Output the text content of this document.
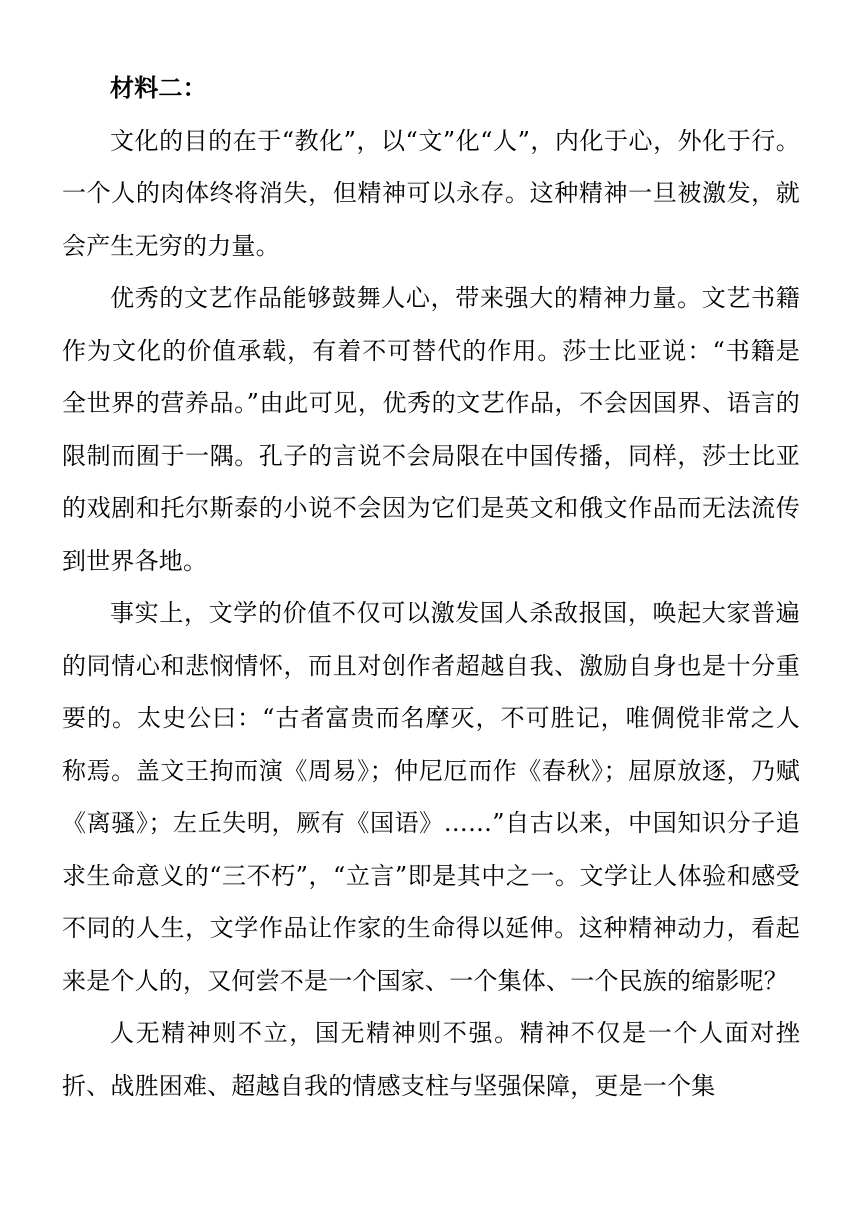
材料二：

文化的目的在于“教化”，以“文”化“人”，内化于心，外化于行。一个人的肉体终将消失，但精神可以永存。这种精神一旦被激发，就会产生无穷的力量。

优秀的文艺作品能够鼓舞人心，带来强大的精神力量。文艺书籍作为文化的价值承载，有着不可替代的作用。莎士比亚说：“书籍是全世界的营养品。”由此可见，优秀的文艺作品，不会因国界、语言的限制而囿于一隅。孔子的言说不会局限在中国传播，同样，莎士比亚的戏剧和托尔斯泰的小说不会因为它们是英文和俄文作品而无法流传到世界各地。

事实上，文学的价值不仅可以激发国人杀敌报国，唤起大家普遍的同情心和悲悯情怀，而且对创作者超越自我、激励自身也是十分重要的。太史公曰：“古者富贵而名摩灭，不可胜记，唯倜傥非常之人称焉。盖文王拘而演《周易》；仲尼厄而作《春秋》；屈原放逐，乃赋《离骚》；左丘失明，厥有《国语》……”自古以来，中国知识分子追求生命意义的“三不朽”，“立言”即是其中之一。文学让人体验和感受不同的人生，文学作品让作家的生命得以延伸。这种精神动力，看起来是个人的，又何尝不是一个国家、一个集体、一个民族的缩影呢？

人无精神则不立，国无精神则不强。精神不仅是一个人面对挫折、战胜困难、超越自我的情感支柱与坚强保障，更是一个集
